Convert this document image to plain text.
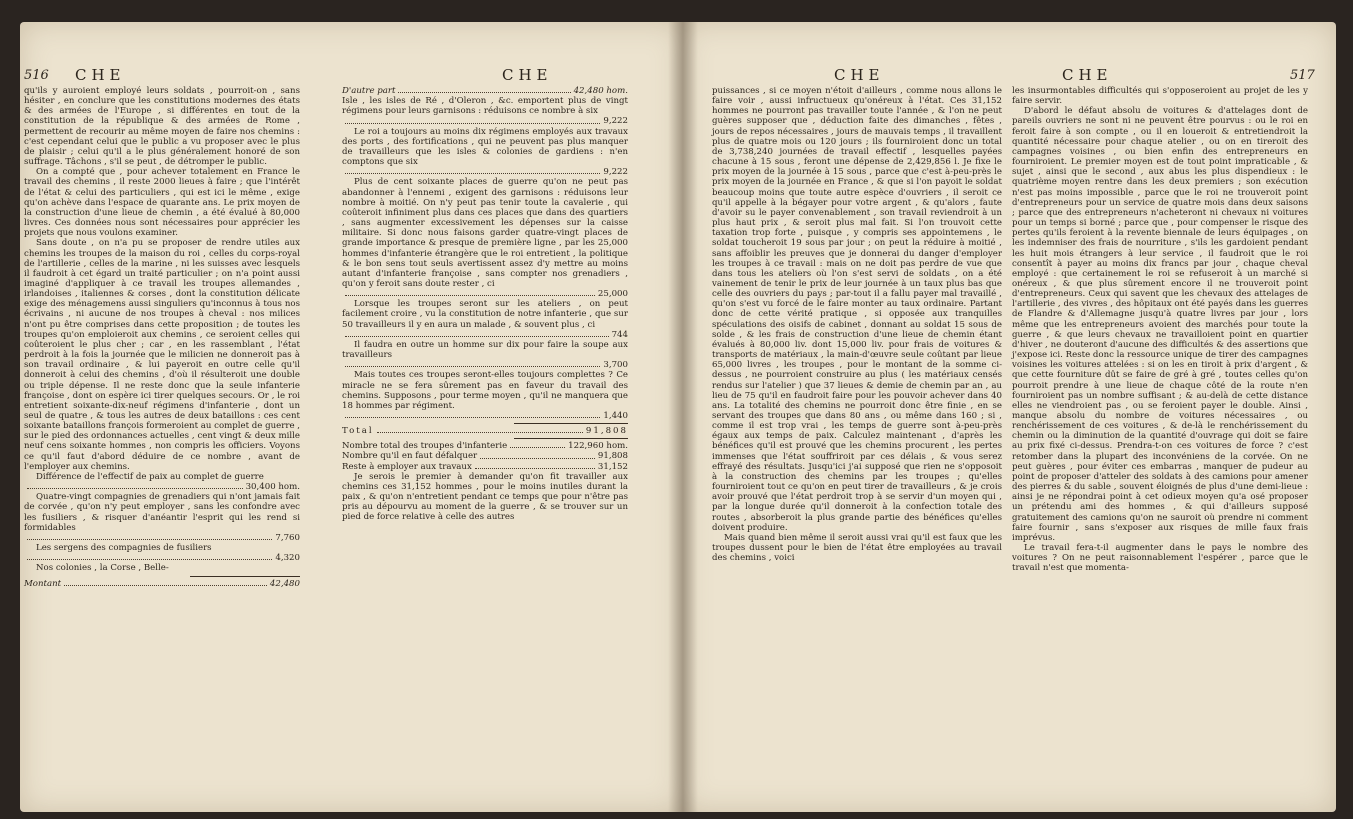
516 CHE	CHE

qu'ils y auroient employé leurs soldats , pourroit-on , sans hésiter , en conclure que les constitutions modernes des états & des armées de l'Europe , si différentes en tout de la constitution de la république & des armées de Rome , permettent de recourir au même moyen de faire nos chemins : c'est cependant celui que le public a vu proposer avec le plus de plaisir ; celui qu'il a le plus généralement honoré de son suffrage. Tâchons , s'il se peut , de détromper le public.

On a compté que , pour achever totalement en France le travail des chemins , il reste 2000 lieues à faire ; que l'intérêt de l'état & celui des particuliers , qui est ici le même , exige qu'on achève dans l'espace de quarante ans. Le prix moyen de la construction d'une lieue de chemin , a été évalué à 80,000 livres. Ces données nous sont nécessaires pour apprécier les projets que nous voulons examiner.

Sans doute , on n'a pu se proposer de rendre utiles aux chemins les troupes de la maison du roi , celles du corps-royal de l'artillerie , celles de la marine , ni les suisses avec lesquels il faudroit à cet égard un traité particulier ; on n'a point aussi imaginé d'appliquer à ce travail les troupes allemandes , irlandoises , italiennes & corses , dont la constitution délicate exige des ménagemens aussi singuliers qu'inconnus à tous nos écrivains , ni aucune de nos troupes à cheval : nos milices n'ont pu être comprises dans cette proposition ; de toutes les troupes qu'on emploieroit aux chemins , ce seroient celles qui coûteroient le plus cher ; car , en les rassemblant , l'état perdroit à la fois la journée que le milicien ne donneroit pas à son travail ordinaire , & lui payeroit en outre celle qu'il donneroit à celui des chemins , d'où il résulteroit une double ou triple dépense. Il ne reste donc que la seule infanterie françoise , dont on espère ici tirer quelques secours. Or , le roi entretient soixante-dix-neuf régimens d'infanterie , dont un seul de quatre , & tous les autres de deux bataillons : ces cent soixante bataillons françois formeroient au complet de guerre , sur le pied des ordonnances actuelles , cent vingt & deux mille neuf cens soixante hommes , non compris les officiers. Voyons ce qu'il faut d'abord déduire de ce nombre , avant de l'employer aux chemins.

Différence de l'effectif de paix au complet de guerre

30,400 hom.

Quatre-vingt compagnies de grenadiers qui n'ont jamais fait de corvée , qu'on n'y peut employer , sans les confondre avec les fusiliers , & risquer d'anéantir l'esprit qui les rend si formidables

7,760

Les sergens des compagnies de fusiliers

4,320

Nos colonies , la Corse , Belle-

Montant	42,480
D'autre part	42,480 hom.

Isle , les isles de Ré , d'Oleron , &c. emportent plus de vingt régimens pour leurs garnisons : réduisons ce nombre à six

9,222

Le roi a toujours au moins dix régimens employés aux travaux des ports , des fortifications , qui ne peuvent pas plus manquer de travailleurs que les isles & colonies de gardiens : n'en comptons que six

9,222

Plus de cent soixante places de guerre qu'on ne peut pas abandonner à l'ennemi , exigent des garnisons : réduisons leur nombre à moitié. On n'y peut pas tenir toute la cavalerie , qui coûteroit infiniment plus dans ces places que dans des quartiers , sans augmenter excessivement les dépenses sur la caisse militaire. Si donc nous faisons garder quatre-vingt places de grande importance & presque de première ligne , par les 25,000 hommes d'infanterie étrangère que le roi entretient , la politique & le bon sens tout seuls avertissent assez d'y mettre au moins autant d'infanterie françoise , sans compter nos grenadiers , qu'on y feroit sans doute rester , ci

25,000

Lorsque les troupes seront sur les ateliers , on peut facilement croire , vu la constitution de notre infanterie , que sur 50 travailleurs il y en aura un malade , & souvent plus , ci

744

Il faudra en outre un homme sur dix pour faire la soupe aux travailleurs

3,700

Mais toutes ces troupes seront-elles toujours complettes ? Ce miracle ne se fera sûrement pas en faveur du travail des chemins. Supposons , pour terme moyen , qu'il ne manquera que 18 hommes par régiment.

1,440
Total	91,808
Nombre total des troupes d'infanterie	122,960 hom.
Nombre qu'il en faut défalquer	91,808
Reste à employer aux travaux	31,152

Je serois le premier à demander qu'on fit travailler aux chemins ces 31,152 hommes , pour le moins inutiles durant la paix , & qu'on n'entretient pendant ce temps que pour n'être pas pris au dépourvu au moment de la guerre , & se trouver sur un pied de force relative à celle des autres

CHE	CHE	517

puissances , si ce moyen n'étoit d'ailleurs , comme nous allons le faire voir , aussi infructueux qu'onéreux à l'état. Ces 31,152 hommes ne pourront pas travailler toute l'année , & l'on ne peut guères supposer que , déduction faite des dimanches , fêtes , jours de repos nécessaires , jours de mauvais temps , il travaillent plus de quatre mois ou 120 jours ; ils fourniroient donc un total de 3,738,240 journées de travail effectif , lesquelles payées chacune à 15 sous , feront une dépense de 2,429,856 l. Je fixe le prix moyen de la journée à 15 sous , parce que c'est à-peu-près le prix moyen de la journée en France , & que si l'on payoit le soldat beaucoup moins que toute autre espèce d'ouvriers , il seroit ce qu'il appelle à la bégayer pour votre argent , & qu'alors , faute d'avoir su le payer convenablement , son travail reviendroit à un plus haut prix , & seroit plus mal fait. Si l'on trouvoit cette taxation trop forte , puisque , y compris ses appointemens , le soldat toucheroit 19 sous par jour ; on peut la réduire à moitié , sans affoiblir les preuves que je donnerai du danger d'employer les troupes à ce travail : mais on ne doit pas perdre de vue que dans tous les ateliers où l'on s'est servi de soldats , on a été vainement de tenir le prix de leur journée à un taux plus bas que celle des ouvriers du pays ; par-tout il a fallu payer mal travaillé , qu'on s'est vu forcé de le faire monter au taux ordinaire. Partant donc de cette vérité pratique , si opposée aux tranquilles spéculations des oisifs de cabinet , donnant au soldat 15 sous de solde , & les frais de construction d'une lieue de chemin étant évalués à 80,000 liv. dont 15,000 liv. pour frais de voitures & transports de matériaux , la main-d'œuvre seule coûtant par lieue 65,000 livres , les troupes , pour le montant de la somme ci-dessus , ne pourroient construire au plus ( les matériaux censés rendus sur l'atelier ) que 37 lieues & demie de chemin par an , au lieu de 75 qu'il en faudroit faire pour les pouvoir achever dans 40 ans. La totalité des chemins ne pourroit donc être finie , en se servant des troupes que dans 80 ans , ou même dans 160 ; si , comme il est trop vrai , les temps de guerre sont à-peu-près égaux aux temps de paix. Calculez maintenant , d'après les bénéfices qu'il est prouvé que les chemins procurent , les pertes immenses que l'état souffriroit par ces délais , & vous serez effrayé des résultats. Jusqu'ici j'ai supposé que rien ne s'opposoit à la construction des chemins par les troupes ; qu'elles fourniroient tout ce qu'on en peut tirer de travailleurs , & je crois avoir prouvé que l'état perdroit trop à se servir d'un moyen qui , par la longue durée qu'il donneroit à la confection totale des routes , absorberoit la plus grande partie des bénéfices qu'elles doivent produire.

Mais quand bien même il seroit aussi vrai qu'il est faux que les troupes dussent pour le bien de l'état être employées au travail des chemins , voici

les insurmontables difficultés qui s'opposeroient au projet de les y faire servir.

D'abord le défaut absolu de voitures & d'attelages dont de pareils ouvriers ne sont ni ne peuvent être pourvus : ou le roi en feroit faire à son compte , ou il en loueroit & entretiendroit la quantité nécessaire pour chaque atelier , ou on en tireroit des campagnes voisines , ou bien enfin des entrepreneurs en fourniroient. Le premier moyen est de tout point impraticable , & sujet , ainsi que le second , aux abus les plus dispendieux : le quatrième moyen rentre dans les deux premiers ; son exécution n'est pas moins impossible , parce que le roi ne trouveroit point d'entrepreneurs pour un service de quatre mois dans deux saisons ; parce que des entrepreneurs n'acheteront ni chevaux ni voitures pour un temps si borné ; parce que , pour compenser le risque des pertes qu'ils feroient à la revente biennale de leurs équipages , on les indemniser des frais de nourriture , s'ils les gardoient pendant les huit mois étrangers à leur service , il faudroit que le roi consentît à payer au moins dix francs par jour , chaque cheval employé : que certainement le roi se refuseroit à un marché si onéreux , & que plus sûrement encore il ne trouveroit point d'entrepreneurs. Ceux qui savent que les chevaux des attelages de l'artillerie , des vivres , des hôpitaux ont été payés dans les guerres de Flandre & d'Allemagne jusqu'à quatre livres par jour , lors même que les entrepreneurs avoient des marchés pour toute la guerre , & que leurs chevaux ne travailloient point en quartier d'hiver , ne douteront d'aucune des difficultés & des assertions que j'expose ici. Reste donc la ressource unique de tirer des campagnes voisines les voitures attelées : si on les en tiroit à prix d'argent , & que cette fourniture dût se faire de gré à gré , toutes celles qu'on pourroit prendre à une lieue de chaque côté de la route n'en fourniroient pas un nombre suffisant ; & au-delà de cette distance elles ne viendroient pas , ou se feroient payer le double. Ainsi , manque absolu du nombre de voitures nécessaires , ou renchérissement de ces voitures , & de-là le renchérissement du chemin ou la diminution de la quantité d'ouvrage qui doit se faire au prix fixé ci-dessus. Prendra-t-on ces voitures de force ? c'est retomber dans la plupart des inconvéniens de la corvée. On ne peut guères , pour éviter ces embarras , manquer de pudeur au point de proposer d'atteler des soldats à des camions pour amener des pierres & du sable , souvent éloignés de plus d'une demi-lieue : ainsi je ne répondrai point à cet odieux moyen qu'a osé proposer un prétendu ami des hommes , & qui d'ailleurs supposé gratuitement des camions qu'on ne sauroit où prendre ni comment faire fournir , sans s'exposer aux risques de mille faux frais imprévus.

Le travail fera-t-il augmenter dans le pays le nombre des voitures ? On ne peut raisonnablement l'espérer , parce que le travail n'est que momenta-
